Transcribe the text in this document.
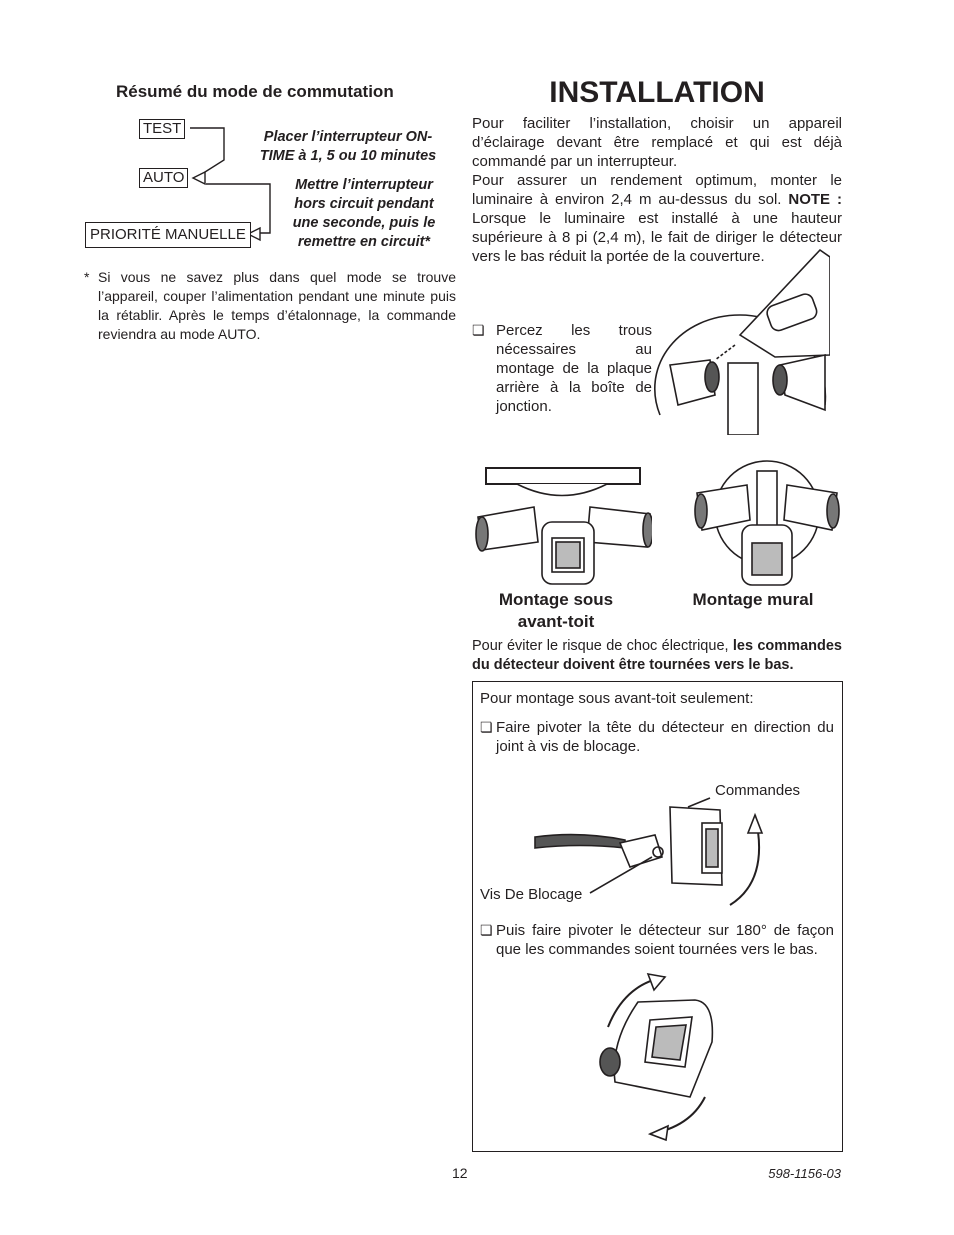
Résumé du mode de commutation
TEST
AUTO
PRIORITÉ MANUELLE
Placer l’interrupteur ON-
TIME à 1, 5 ou 10 minutes
Mettre l’interrupteur
hors circuit pendant
une seconde, puis le
remettre en circuit*
* Si vous ne savez plus dans quel mode se trouve l’appareil, couper l’alimentation pendant une minute puis la rétablir. Après le temps d’étalonnage, la commande reviendra au mode AUTO.
INSTALLATION

Pour faciliter l’installation, choisir un appareil d’éclairage devant être remplacé et qui est déjà commandé par un interrupteur.

Pour assurer un rendement optimum, monter le luminaire à environ 2,4 m au-dessus du sol. NOTE : Lorsque le luminaire est installé à une hauteur supérieure à 8 pi (2,4 m), le fait de diriger le détecteur vers le bas réduit la portée de la couverture.

❏ Percez les trous nécessaires au montage de la plaque arrière à la boîte de jonction.
Montage sous
avant-toit
Montage mural

Pour éviter le risque de choc électrique, les commandes du détecteur doivent être tournées vers le bas.

Pour montage sous avant-toit seulement:
❏ Faire pivoter la tête du détecteur en direction du joint à vis de blocage.
Commandes
Vis De Blocage
❏ Puis faire pivoter le détecteur sur 180° de façon que les commandes soient tournées vers le bas.
12	598-1156-03
